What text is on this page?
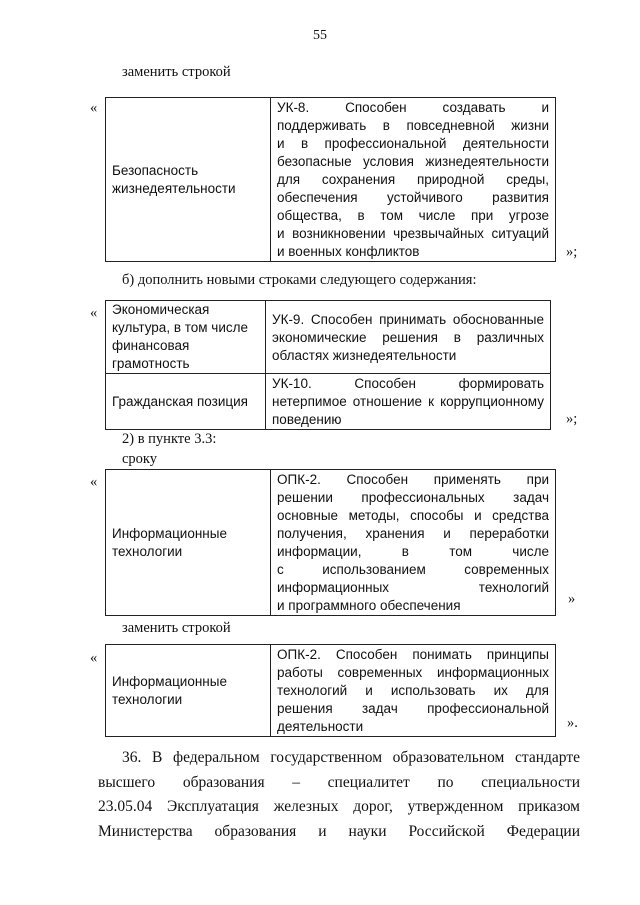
55
заменить строкой
«
Безопасность жизнедеятельности	УК-8. Способен создавать и
поддерживать в повседневной жизни
и в профессиональной деятельности
безопасные условия жизнедеятельности
для сохранения природной среды,
обеспечения устойчивого развития
общества, в том числе при угрозе
и возникновении чрезвычайных ситуаций
и военных конфликтов	»;
б) дополнить новыми строками следующего содержания:
« Экономическая культура, в том числе финансовая грамотность	УК-9. Способен принимать обоснованные
экономические решения в различных
областях жизнедеятельности

Гражданская позиция	УК-10. Способен формировать
нетерпимое отношение к коррупционному
поведению	»;
2) в пункте 3.3:
сроку
«
Информационные технологии	ОПК-2. Способен применять при
решении профессиональных задач
основные методы, способы и средства
получения, хранения и переработки
информации, в том числе
с использованием современных
информационных технологий
и программного обеспечения	»
заменить строкой
«
Информационные технологии	ОПК-2. Способен понимать принципы
работы современных информационных
технологий и использовать их для
решения задач профессиональной
деятельности	».
36. В федеральном государственном образовательном стандарте
высшего образования – специалитет по специальности
23.05.04 Эксплуатация железных дорог, утвержденном приказом
Министерства образования и науки Российской Федерации
